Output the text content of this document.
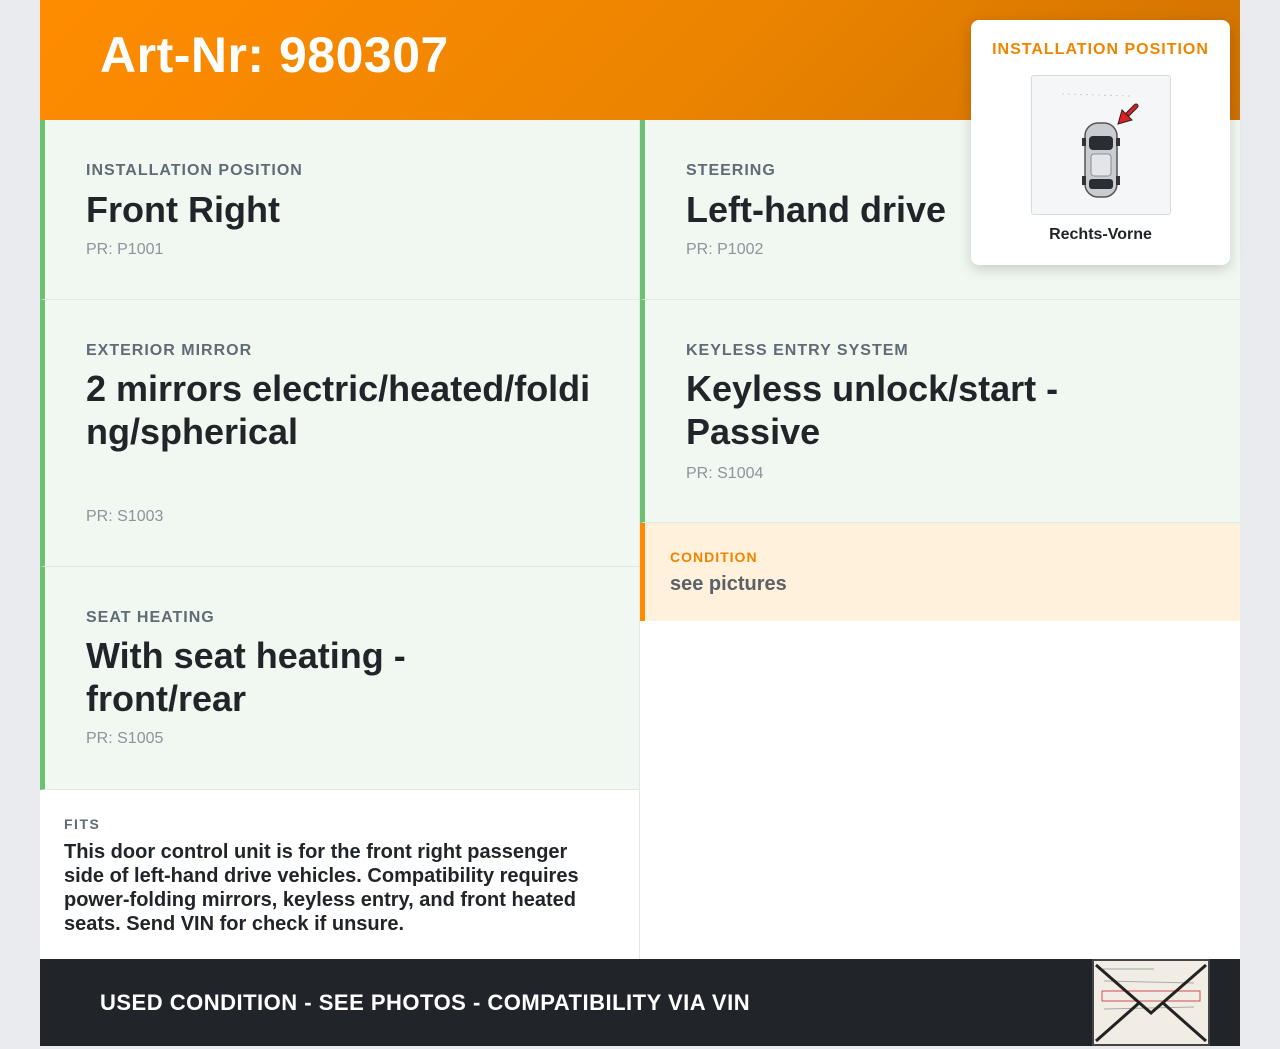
Art-Nr: 980307
INSTALLATION POSITION
Front Right
PR: P1001
STEERING
Left-hand drive
PR: P1002
EXTERIOR MIRROR
2 mirrors electric/heated/folding/spherical
PR: S1003
KEYLESS ENTRY SYSTEM
Keyless unlock/start - Passive
PR: S1004
SEAT HEATING
With seat heating - front/rear
PR: S1005
CONDITION
see pictures
FITS
This door control unit is for the front right passenger side of left-hand drive vehicles. Compatibility requires power-folding mirrors, keyless entry, and front heated seats. Send VIN for check if unsure.
USED CONDITION - SEE PHOTOS - COMPATIBILITY VIA VIN
INSTALLATION POSITION
Rechts-Vorne
